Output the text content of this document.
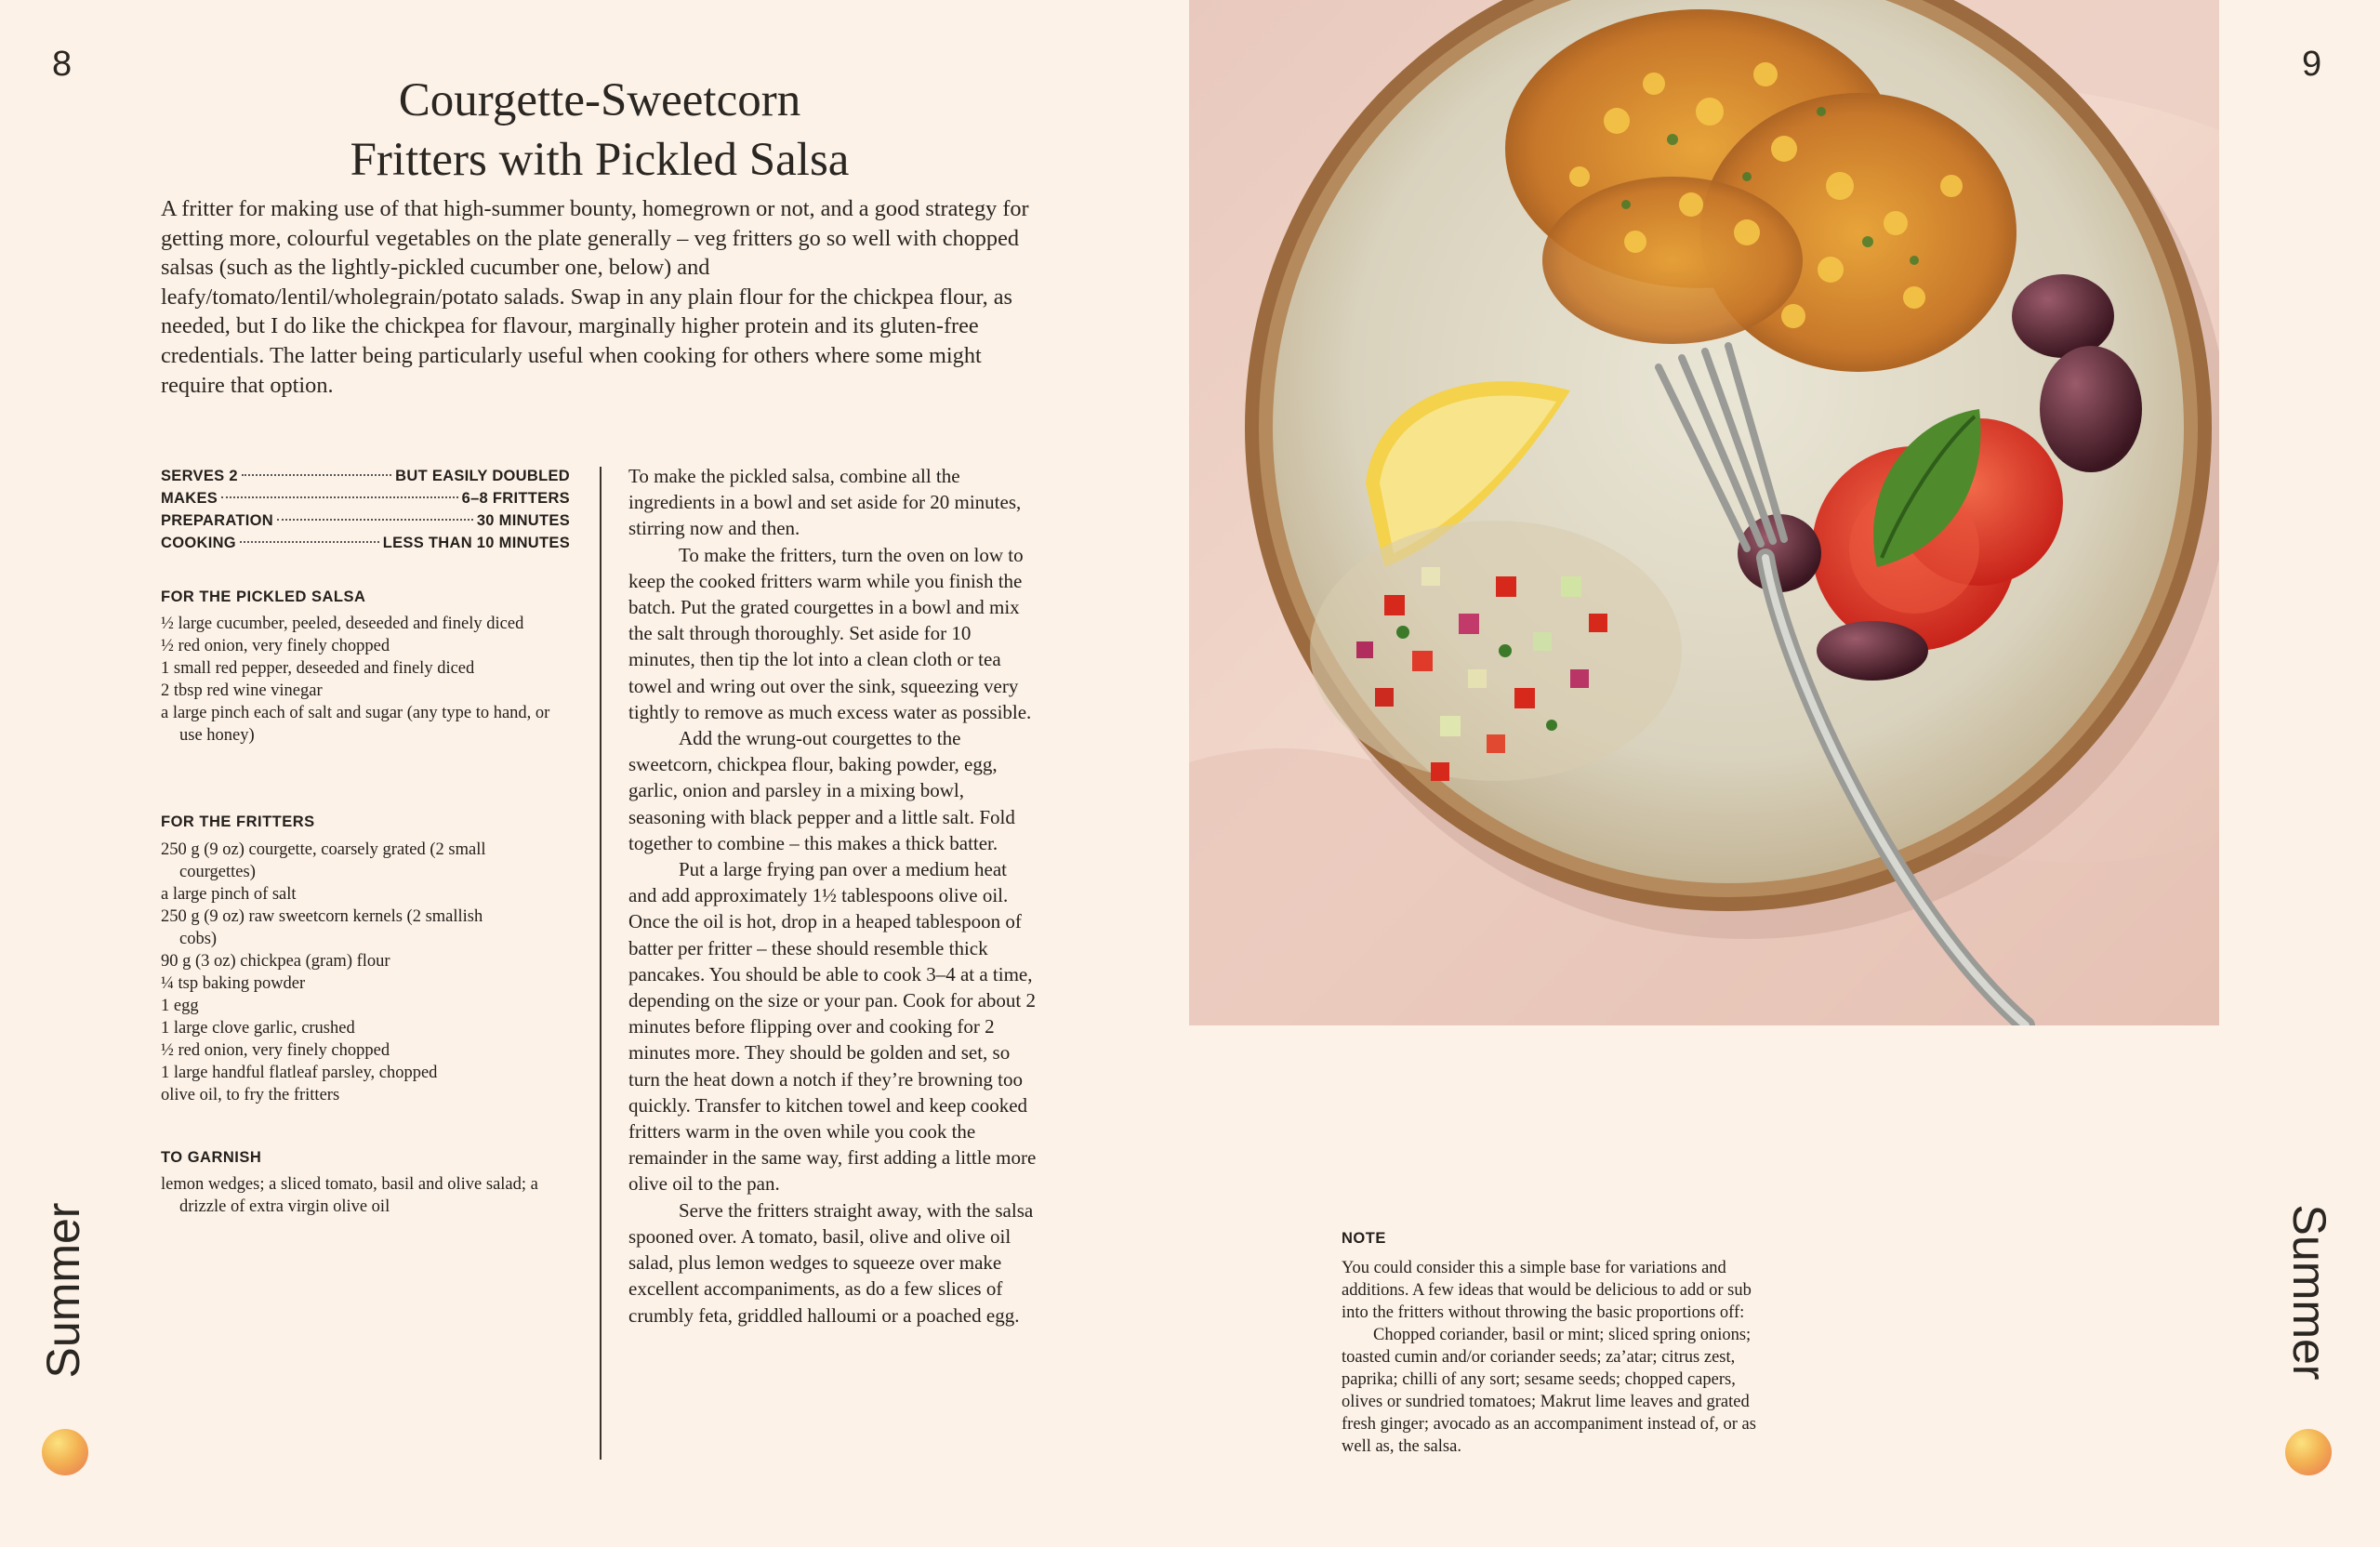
8	9
Courgette-Sweetcorn
Fritters with Pickled Salsa
A fritter for making use of that high-summer bounty, homegrown or not, and a good strategy for getting more, colourful vegetables on the plate generally – veg fritters go so well with chopped salsas (such as the lightly-pickled cucumber one, below) and leafy/tomato/lentil/wholegrain/potato salads. Swap in any plain flour for the chickpea flour, as needed, but I do like the chickpea for flavour, marginally higher protein and its gluten-free credentials. The latter being particularly useful when cooking for others where some might require that option.
SERVES 2	BUT EASILY DOUBLED
MAKES	6–8 FRITTERS
PREPARATION	30 MINUTES
COOKING	LESS THAN 10 MINUTES
FOR THE PICKLED SALSA
½ large cucumber, peeled, deseeded and finely diced
½ red onion, very finely chopped
1 small red pepper, deseeded and finely diced
2 tbsp red wine vinegar
a large pinch each of salt and sugar (any type to hand, or use honey)
FOR THE FRITTERS
250 g (9 oz) courgette, coarsely grated (2 small courgettes)
a large pinch of salt
250 g (9 oz) raw sweetcorn kernels (2 smallish cobs)
90 g (3 oz) chickpea (gram) flour
¼ tsp baking powder
1 egg
1 large clove garlic, crushed
½ red onion, very finely chopped
1 large handful flatleaf parsley, chopped
olive oil, to fry the fritters
TO GARNISH
lemon wedges; a sliced tomato, basil and olive salad; a drizzle of extra virgin olive oil

To make the pickled salsa, combine all the ingredients in a bowl and set aside for 20 minutes, stirring now and then.

To make the fritters, turn the oven on low to keep the cooked fritters warm while you finish the batch. Put the grated courgettes in a bowl and mix the salt through thoroughly. Set aside for 10 minutes, then tip the lot into a clean cloth or tea towel and wring out over the sink, squeezing very tightly to remove as much excess water as possible.

Add the wrung-out courgettes to the sweetcorn, chickpea flour, baking powder, egg, garlic, onion and parsley in a mixing bowl, seasoning with black pepper and a little salt. Fold together to combine – this makes a thick batter.

Put a large frying pan over a medium heat and add approximately 1½ tablespoons olive oil. Once the oil is hot, drop in a heaped tablespoon of batter per fritter – these should resemble thick pancakes. You should be able to cook 3–4 at a time, depending on the size or your pan. Cook for about 2 minutes before flipping over and cooking for 2 minutes more. They should be golden and set, so turn the heat down a notch if they’re browning too quickly. Transfer to kitchen towel and keep cooked fritters warm in the oven while you cook the remainder in the same way, first adding a little more olive oil to the pan.

Serve the fritters straight away, with the salsa spooned over. A tomato, basil, olive and olive oil salad, plus lemon wedges to squeeze over make excellent accompaniments, as do a few slices of crumbly feta, griddled halloumi or a poached egg.

NOTE

You could consider this a simple base for variations and additions. A few ideas that would be delicious to add or sub into the fritters without throwing the basic proportions off:

Chopped coriander, basil or mint; sliced spring onions; toasted cumin and/or coriander seeds; za’atar; citrus zest, paprika; chilli of any sort; sesame seeds; chopped capers, olives or sundried tomatoes; Makrut lime leaves and grated fresh ginger; avocado as an accompaniment instead of, or as well as, the salsa.

Summer	Summer
